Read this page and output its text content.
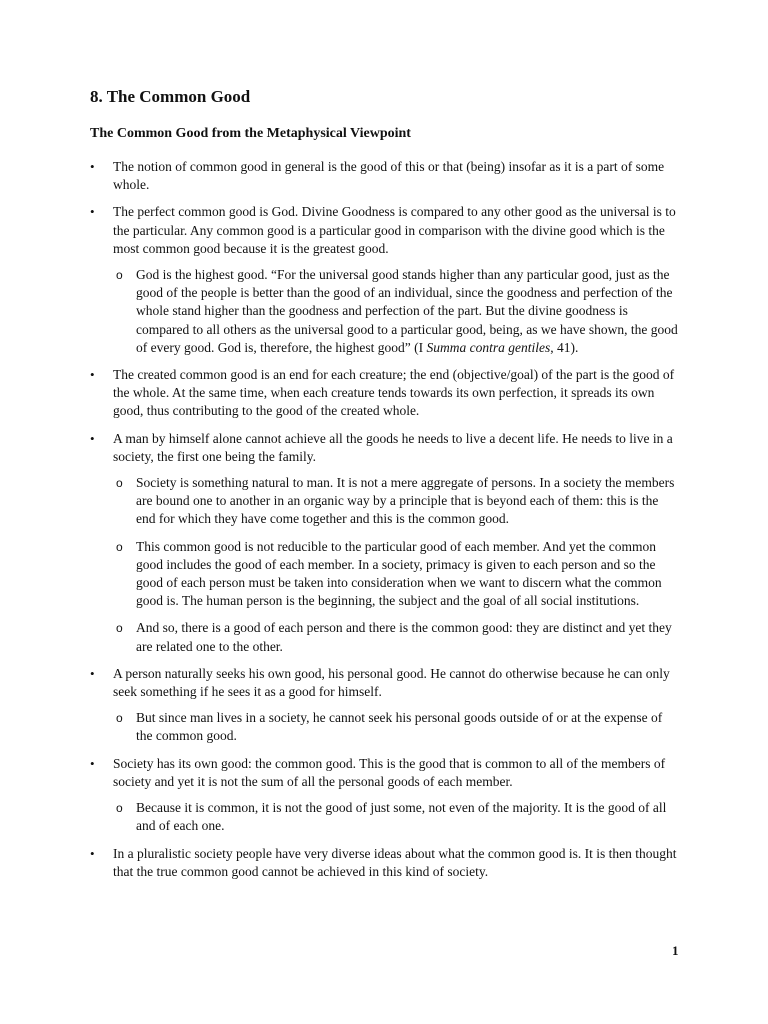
8. The Common Good
The Common Good from the Metaphysical Viewpoint
• The notion of common good in general is the good of this or that (being) insofar as it is a part of some whole.
• The perfect common good is God. Divine Goodness is compared to any other good as the universal is to the particular. Any common good is a particular good in comparison with the divine good which is the most common good because it is the greatest good.
o God is the highest good. “For the universal good stands higher than any particular good, just as the good of the people is better than the good of an individual, since the goodness and perfection of the whole stand higher than the goodness and perfection of the part. But the divine goodness is compared to all others as the universal good to a particular good, being, as we have shown, the good of every good. God is, therefore, the highest good” (I Summa contra gentiles, 41).
• The created common good is an end for each creature; the end (objective/goal) of the part is the good of the whole. At the same time, when each creature tends towards its own perfection, it spreads its own good, thus contributing to the good of the created whole.
• A man by himself alone cannot achieve all the goods he needs to live a decent life. He needs to live in a society, the first one being the family.
o Society is something natural to man. It is not a mere aggregate of persons. In a society the members are bound one to another in an organic way by a principle that is beyond each of them: this is the end for which they have come together and this is the common good.
o This common good is not reducible to the particular good of each member. And yet the common good includes the good of each member. In a society, primacy is given to each person and so the good of each person must be taken into consideration when we want to discern what the common good is. The human person is the beginning, the subject and the goal of all social institutions.
o And so, there is a good of each person and there is the common good: they are distinct and yet they are related one to the other.
• A person naturally seeks his own good, his personal good. He cannot do otherwise because he can only seek something if he sees it as a good for himself.
o But since man lives in a society, he cannot seek his personal goods outside of or at the expense of the common good.
• Society has its own good: the common good. This is the good that is common to all of the members of society and yet it is not the sum of all the personal goods of each member.
o Because it is common, it is not the good of just some, not even of the majority. It is the good of all and of each one.
• In a pluralistic society people have very diverse ideas about what the common good is. It is then thought that the true common good cannot be achieved in this kind of society.
1
